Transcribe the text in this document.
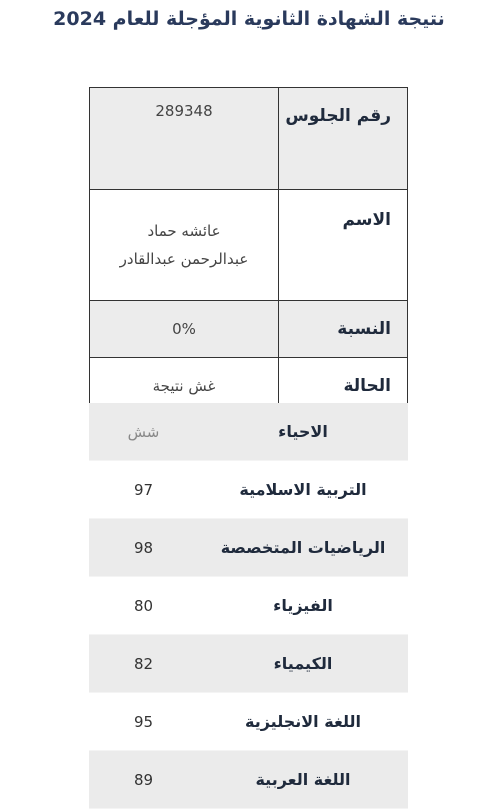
نتيجة الشهادة الثانوية المؤجلة للعام 2024
رقم الجلوس	289348
الاسم	عائشه حماد
عبدالرحمن عبدالقادر

النسبة	0%
الحالة	غش نتيجة
الاحياء	شش
التربية الاسلامية	97
الرياضيات المتخصصة	98
الفيزياء	80
الكيمياء	82
اللغة الانجليزية	95
اللغة العربية	89
